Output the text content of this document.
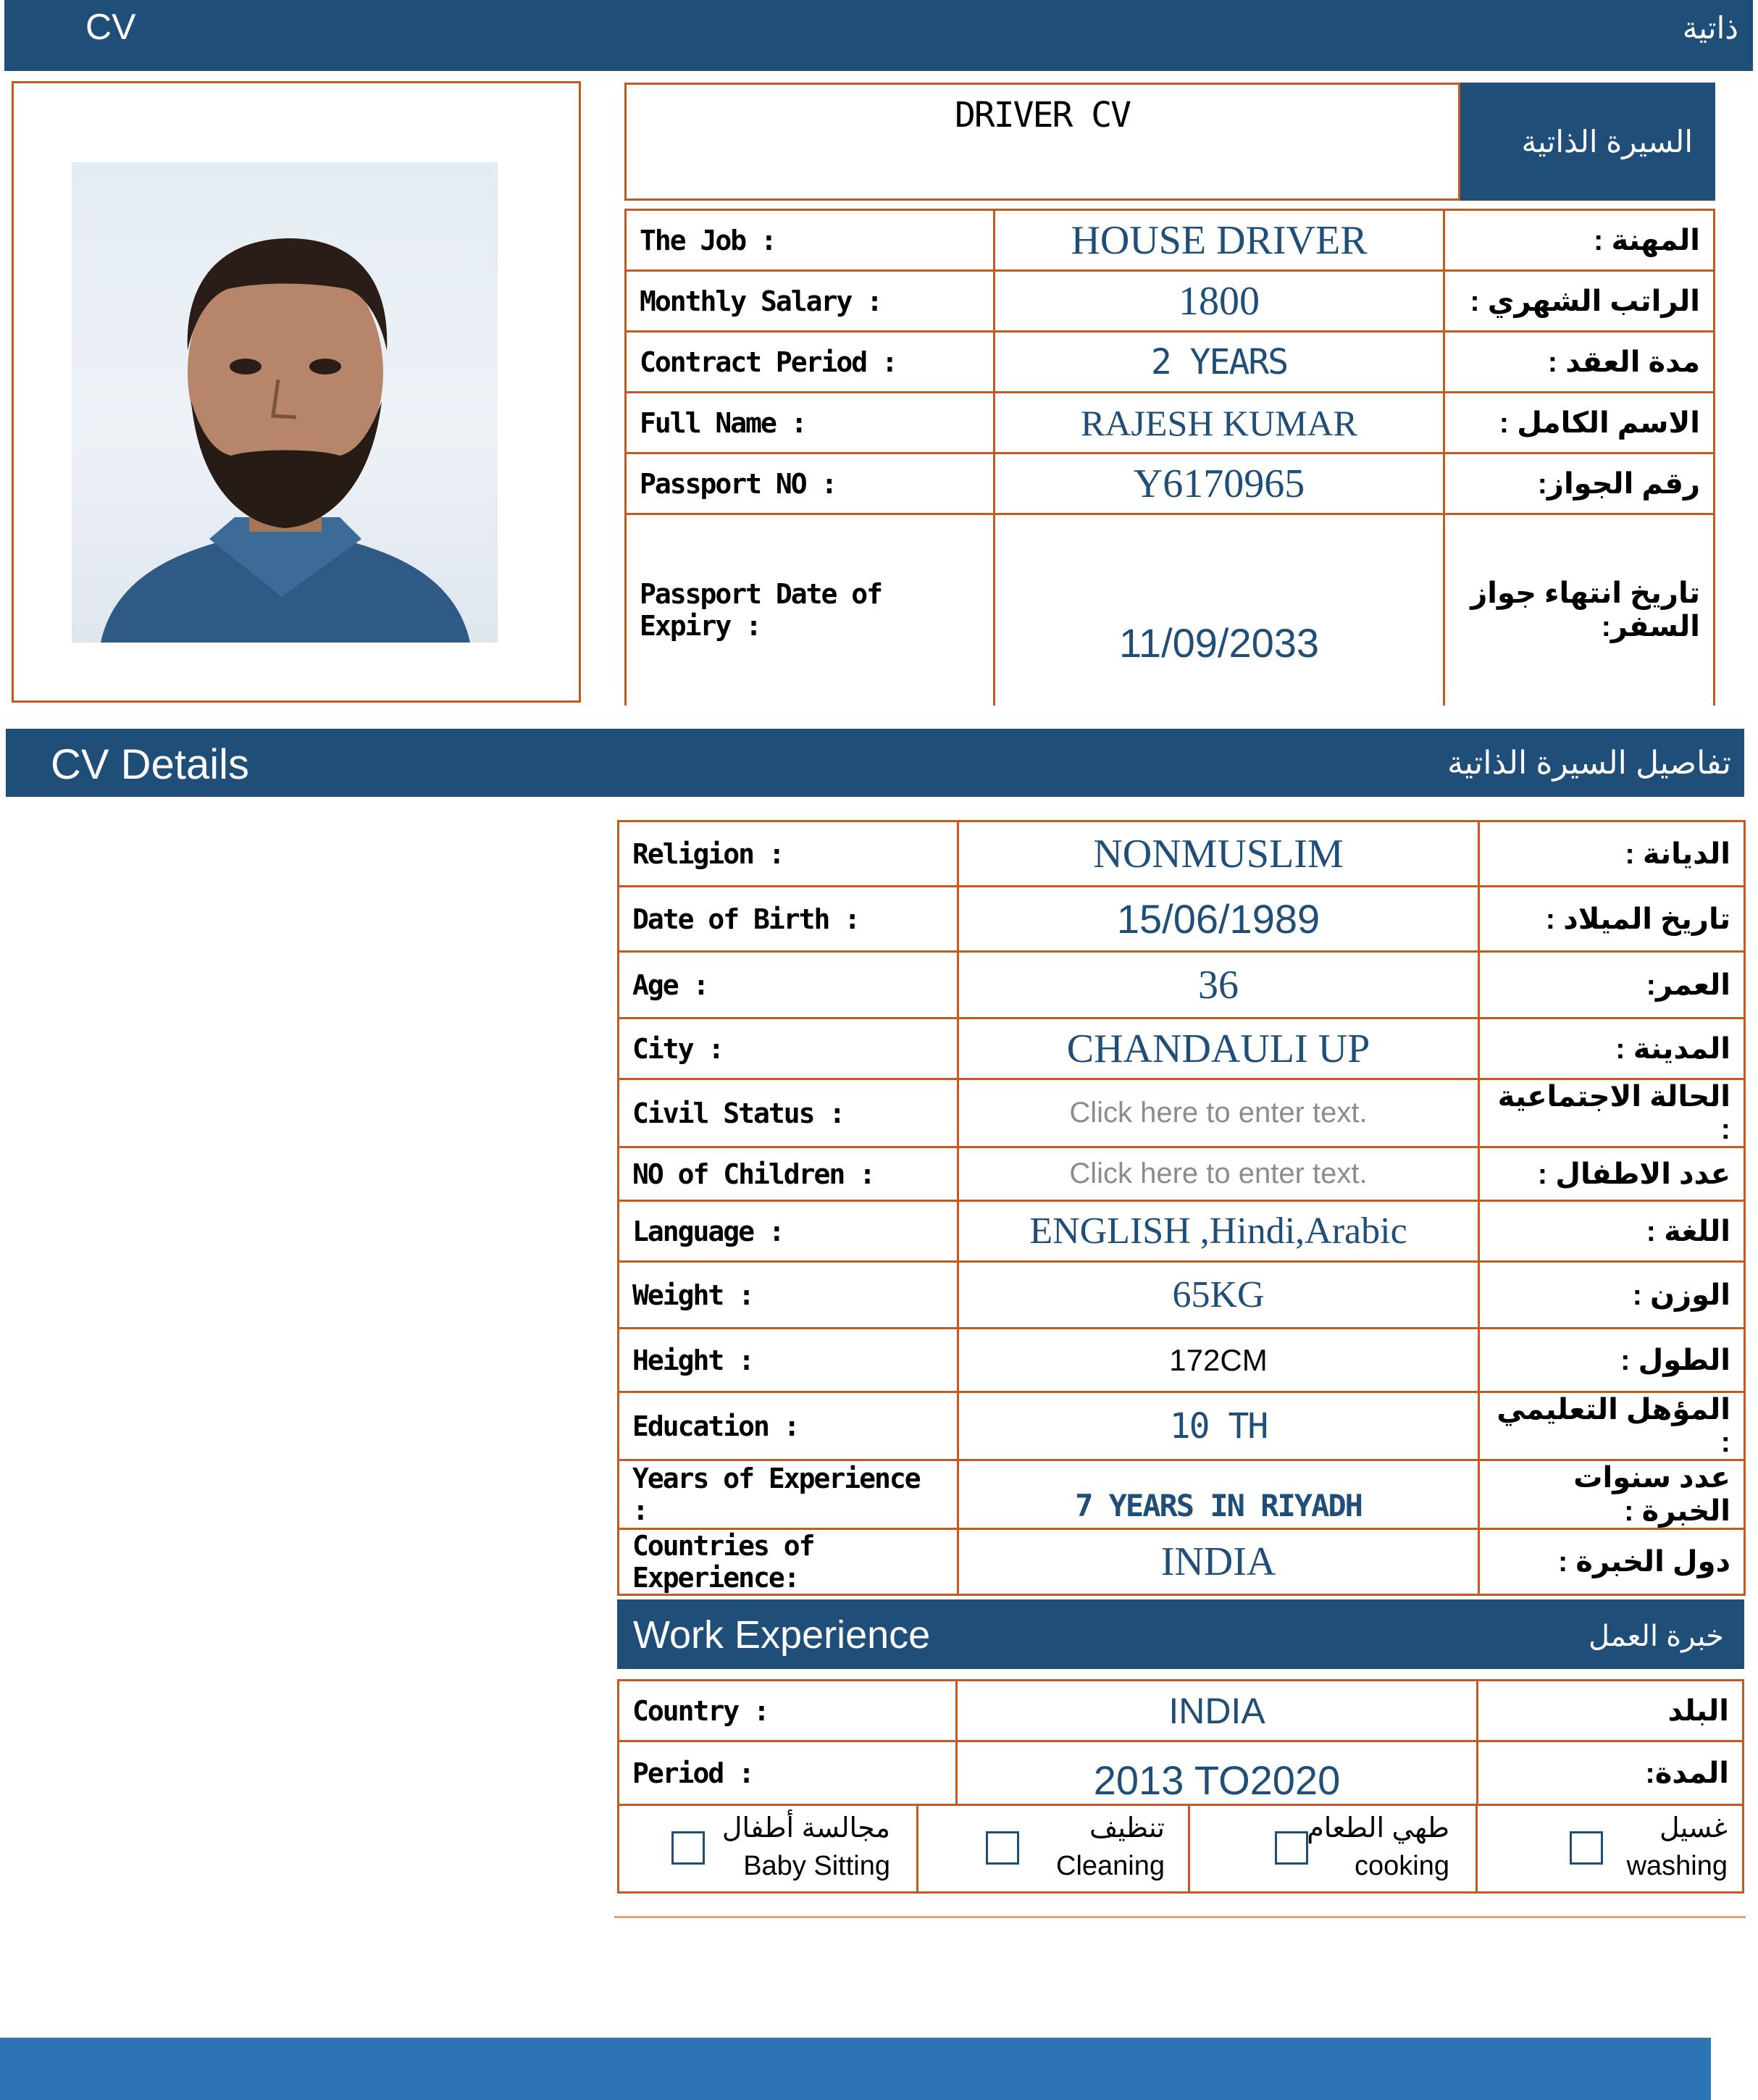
CV	ذاتية
DRIVER CV	السيرة الذاتية
The Job :	HOUSE DRIVER	المهنة :
Monthly Salary :	1800	الراتب الشهري :
Contract Period :	2 YEARS	مدة العقد :
Full Name :	RAJESH KUMAR	الاسم الكامل :
Passport NO :	Y6170965	رقم الجواز:
Passport Date of Expiry :	11/09/2033	تاريخ انتهاء جواز السفر:
CV Details	تفاصيل السيرة الذاتية
Religion :	NONMUSLIM	الديانة :
Date of Birth :	15/06/1989	تاريخ الميلاد :
Age :	36	العمر:
City :	CHANDAULI UP	المدينة :
Civil Status :	Click here to enter text.	الحالة الاجتماعية :
NO of Children :	Click here to enter text.	عدد الاطفال :
Language :	ENGLISH ,Hindi,Arabic	اللغة :
Weight :	65KG	الوزن :
Height :	172CM	الطول :
Education :	10 TH	المؤهل التعليمي :
Years of Experience :	7 YEARS IN RIYADH	عدد سنوات الخبرة :
Countries of Experience:	INDIA	دول الخبرة :
Work Experience	خبرة العمل
Country :	INDIA	البلد
Period :	2013 TO2020	المدة:
مجالسة أطفال
Baby Sitting
تنظيف
Cleaning
طهي الطعام
cooking
غسيل
washing
